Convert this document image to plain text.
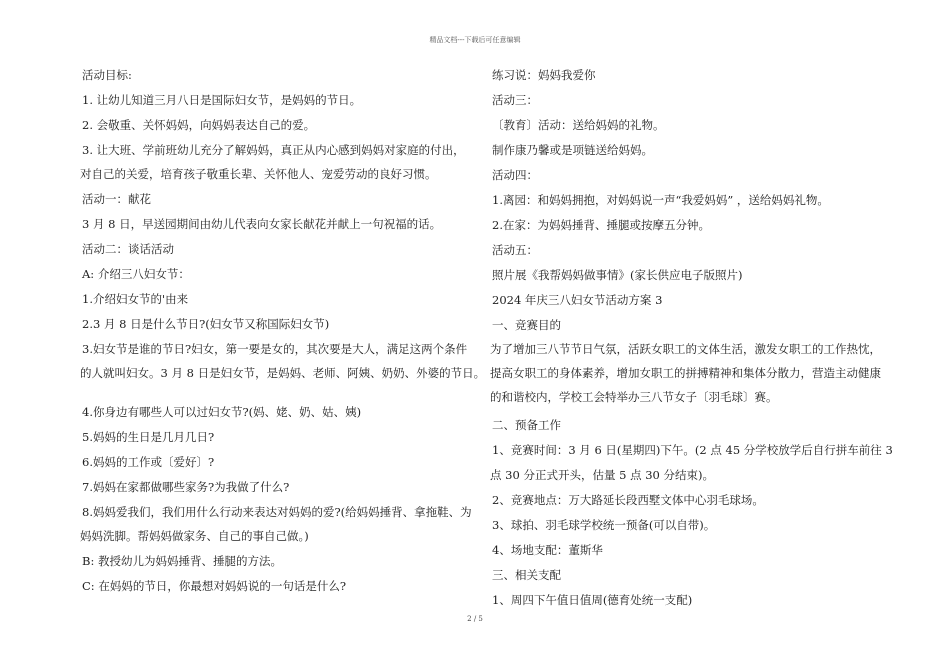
精品文档---下载后可任意编辑
活动目标:
1. 让幼儿知道三月八日是国际妇女节，是妈妈的节日。
2. 会敬重、关怀妈妈，向妈妈表达自己的爱。
3. 让大班、学前班幼儿充分了解妈妈，真正从内心感到妈妈对家庭的付出，
对自己的关爱，培育孩子敬重长辈、关怀他人、宠爱劳动的良好习惯。
活动一：献花
3 月 8 日，早送园期间由幼儿代表向女家长献花并献上一句祝福的话。
活动二：谈话活动
A: 介绍三八妇女节：
1.介绍妇女节的'由来
2.3 月 8 日是什么节日?(妇女节又称国际妇女节)
3.妇女节是谁的节日?妇女，第一要是女的，其次要是大人，满足这两个条件
的人就叫妇女。3 月 8 日是妇女节，是妈妈、老师、阿姨、奶奶、外婆的节日。
4.你身边有哪些人可以过妇女节?(妈、姥、奶、姑、姨)
5.妈妈的生日是几月几日?
6.妈妈的工作或〔爱好〕?
7.妈妈在家都做哪些家务?为我做了什么?
8.妈妈爱我们，我们用什么行动来表达对妈妈的爱?(给妈妈捶背、拿拖鞋、为
妈妈洗脚。帮妈妈做家务、自己的事自己做。)
B: 教授幼儿为妈妈捶背、捶腿的方法。
C: 在妈妈的节日，你最想对妈妈说的一句话是什么?
练习说：妈妈我爱你
活动三：
〔教育〕活动：送给妈妈的礼物。
制作康乃馨或是项链送给妈妈。
活动四：
1.离园：和妈妈拥抱，对妈妈说一声“我爱妈妈” ，送给妈妈礼物。
2.在家：为妈妈捶背、捶腿或按摩五分钟。
活动五：
照片展《我帮妈妈做事情》(家长供应电子版照片)
2024 年庆三八妇女节活动方案 3
一、竞赛目的
为了增加三八节节日气氛，活跃女职工的文体生活，激发女职工的工作热忱，
提高女职工的身体素养，增加女职工的拼搏精神和集体分散力，营造主动健康
的和谐校内，学校工会特举办三八节女子〔羽毛球〕赛。
二、预备工作
1、竞赛时间：3 月 6 日(星期四)下午。(2 点 45 分学校放学后自行拼车前往 3
点 30 分正式开头，估量 5 点 30 分结束)。
2、竞赛地点：万大路延长段西墅文体中心羽毛球场。
3、球拍、羽毛球学校统一预备(可以自带)。
4、场地支配：董斯华
三、相关支配
1、周四下午值日值周(德育处统一支配)
2 / 5
